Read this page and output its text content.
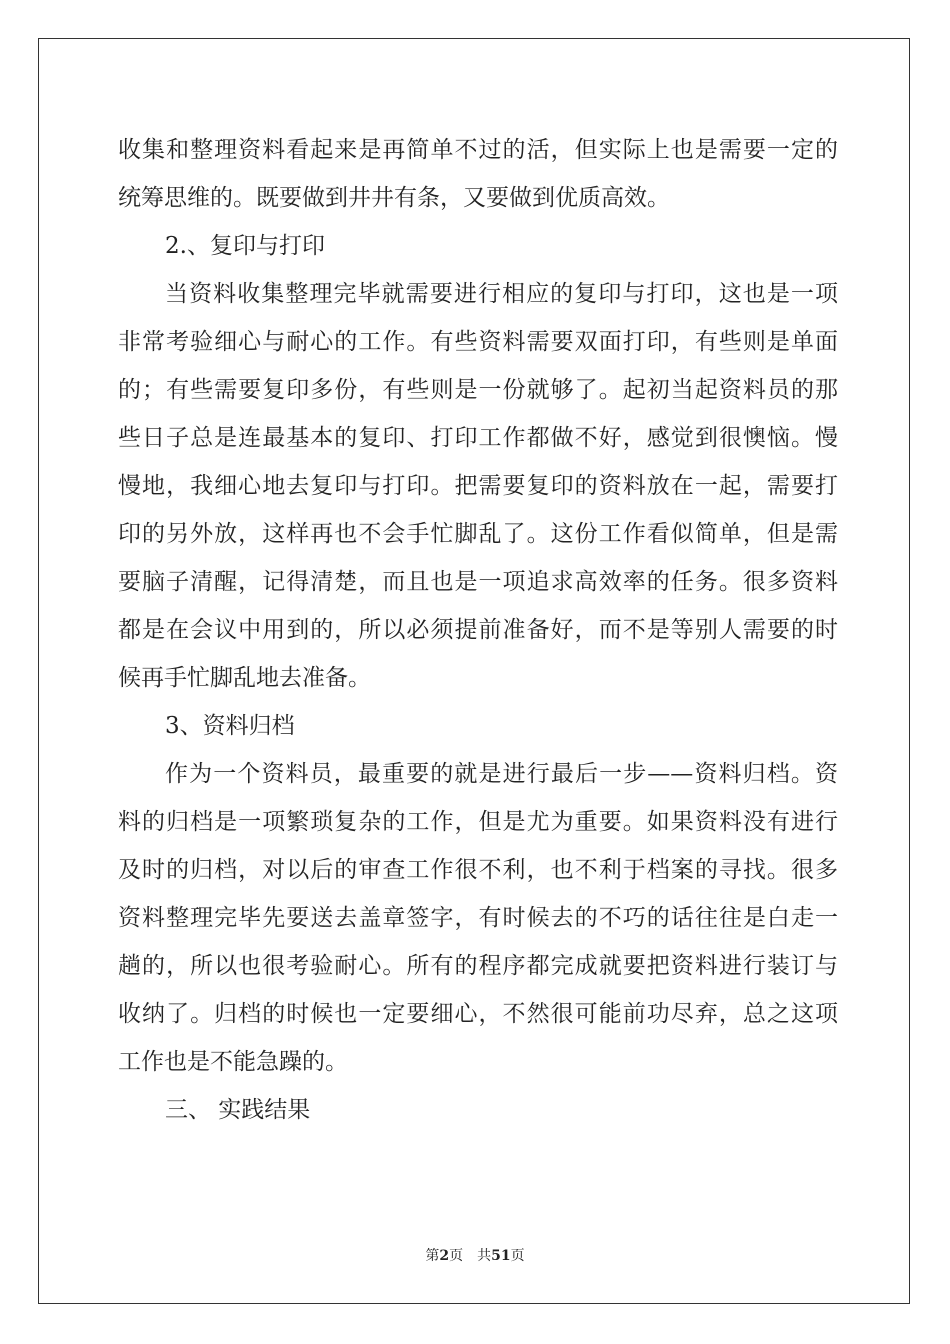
收集和整理资料看起来是再简单不过的活，但实际上也是需要一定的
统筹思维的。既要做到井井有条，又要做到优质高效。
2.、复印与打印
当资料收集整理完毕就需要进行相应的复印与打印，这也是一项
非常考验细心与耐心的工作。有些资料需要双面打印，有些则是单面
的；有些需要复印多份，有些则是一份就够了。起初当起资料员的那
些日子总是连最基本的复印、打印工作都做不好，感觉到很懊恼。慢
慢地，我细心地去复印与打印。把需要复印的资料放在一起，需要打
印的另外放，这样再也不会手忙脚乱了。这份工作看似简单，但是需
要脑子清醒，记得清楚，而且也是一项追求高效率的任务。很多资料
都是在会议中用到的，所以必须提前准备好，而不是等别人需要的时
候再手忙脚乱地去准备。
3、资料归档
作为一个资料员，最重要的就是进行最后一步——资料归档。资
料的归档是一项繁琐复杂的工作，但是尤为重要。如果资料没有进行
及时的归档，对以后的审查工作很不利，也不利于档案的寻找。很多
资料整理完毕先要送去盖章签字，有时候去的不巧的话往往是白走一
趟的，所以也很考验耐心。所有的程序都完成就要把资料进行装订与
收纳了。归档的时候也一定要细心，不然很可能前功尽弃，总之这项
工作也是不能急躁的。
三、 实践结果
第2页 共51页
